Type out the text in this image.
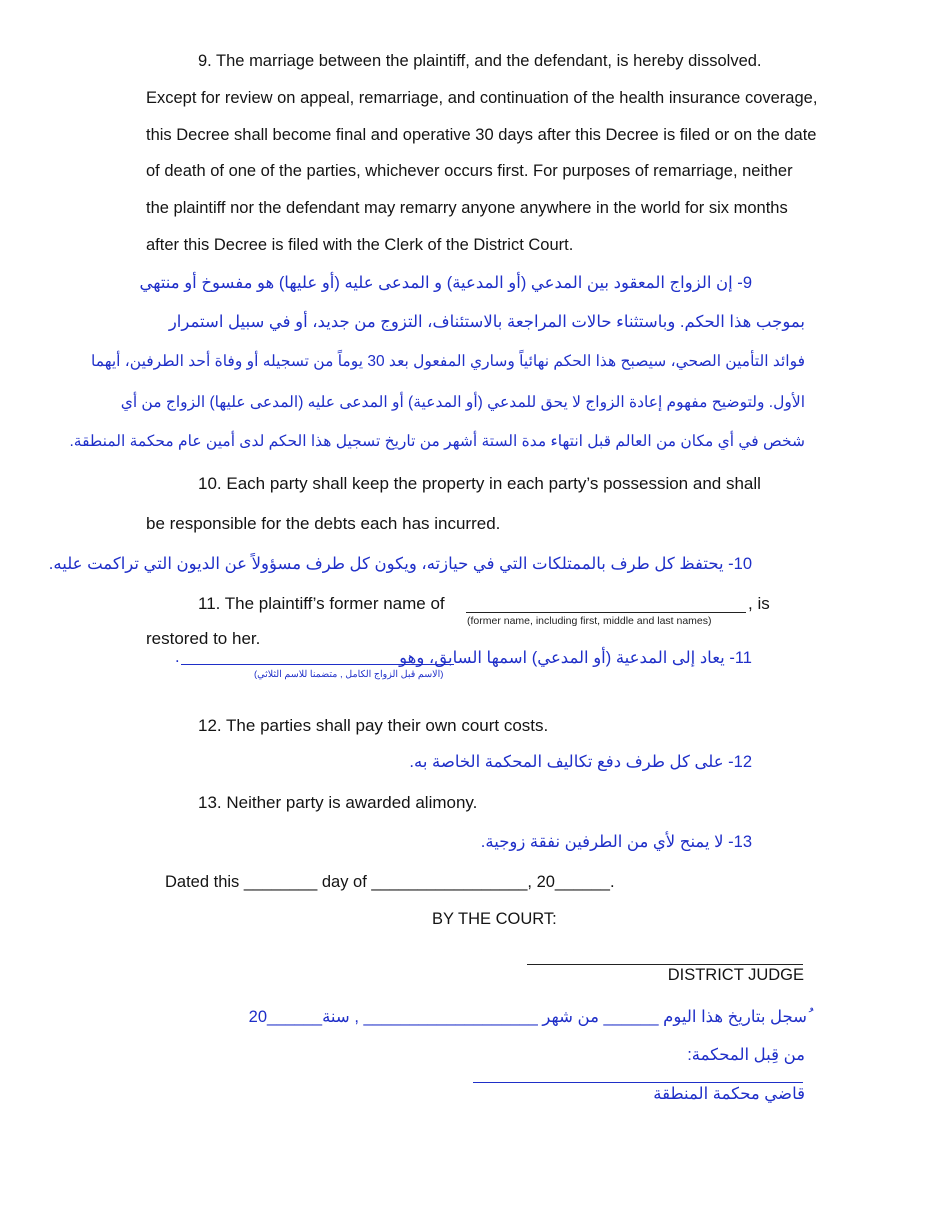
9. The marriage between the plaintiff, and the defendant, is hereby dissolved.
Except for review on appeal, remarriage, and continuation of the health insurance coverage,
this Decree shall become final and operative 30 days after this Decree is filed or on the date
of death of one of the parties, whichever occurs first. For purposes of remarriage, neither
the plaintiff nor the defendant may remarry anyone anywhere in the world for six months
after this Decree is filed with the Clerk of the District Court.
9- إن الزواج المعقود بين المدعي (أو المدعية) و المدعى عليه (أو عليها) هو مفسوخ أو منتهي
بموجب هذا الحكم. وباستثناء حالات المراجعة بالاستئناف، التزوج من جديد، أو في سبيل استمرار
فوائد التأمين الصحي، سيصبح هذا الحكم نهائياً وساري المفعول بعد 30 يوماً من تسجيله أو وفاة أحد الطرفين، أيهما
الأول. ولتوضيح مفهوم إعادة الزواج لا يحق للمدعي (أو المدعية) أو المدعى عليه (المدعى عليها) الزواج من أي
شخص في أي مكان من العالم قبل انتهاء مدة الستة أشهر من تاريخ تسجيل هذا الحكم لدى أمين عام محكمة المنطقة.
10. Each party shall keep the property in each party’s possession and shall
be responsible for the debts each has incurred.
10- يحتفظ كل طرف بالممتلكات التي في حيازته، ويكون كل طرف مسؤولاً عن الديون التي تراكمت عليه.
11. The plaintiff’s former name of	, is
(former name, including first, middle and last names)
restored to her.
11- يعاد إلى المدعية (أو المدعي) اسمها السابق، وهو
.
(الاسم قبل الزواج الكامل , متضمنا للاسم الثلاثي)
12. The parties shall pay their own court costs.
12- على كل طرف دفع تكاليف المحكمة الخاصة به.
13. Neither party is awarded alimony.
13- لا يمنح لأي من الطرفين نفقة زوجية.
Dated this ________ day of _________________, 20______.
BY THE COURT:
DISTRICT JUDGE
ُسجل بتاريخ هذا اليوم ______ من شهر ___________________ , سنة______20
من قِبل المحكمة:
قاضي محكمة المنطقة
